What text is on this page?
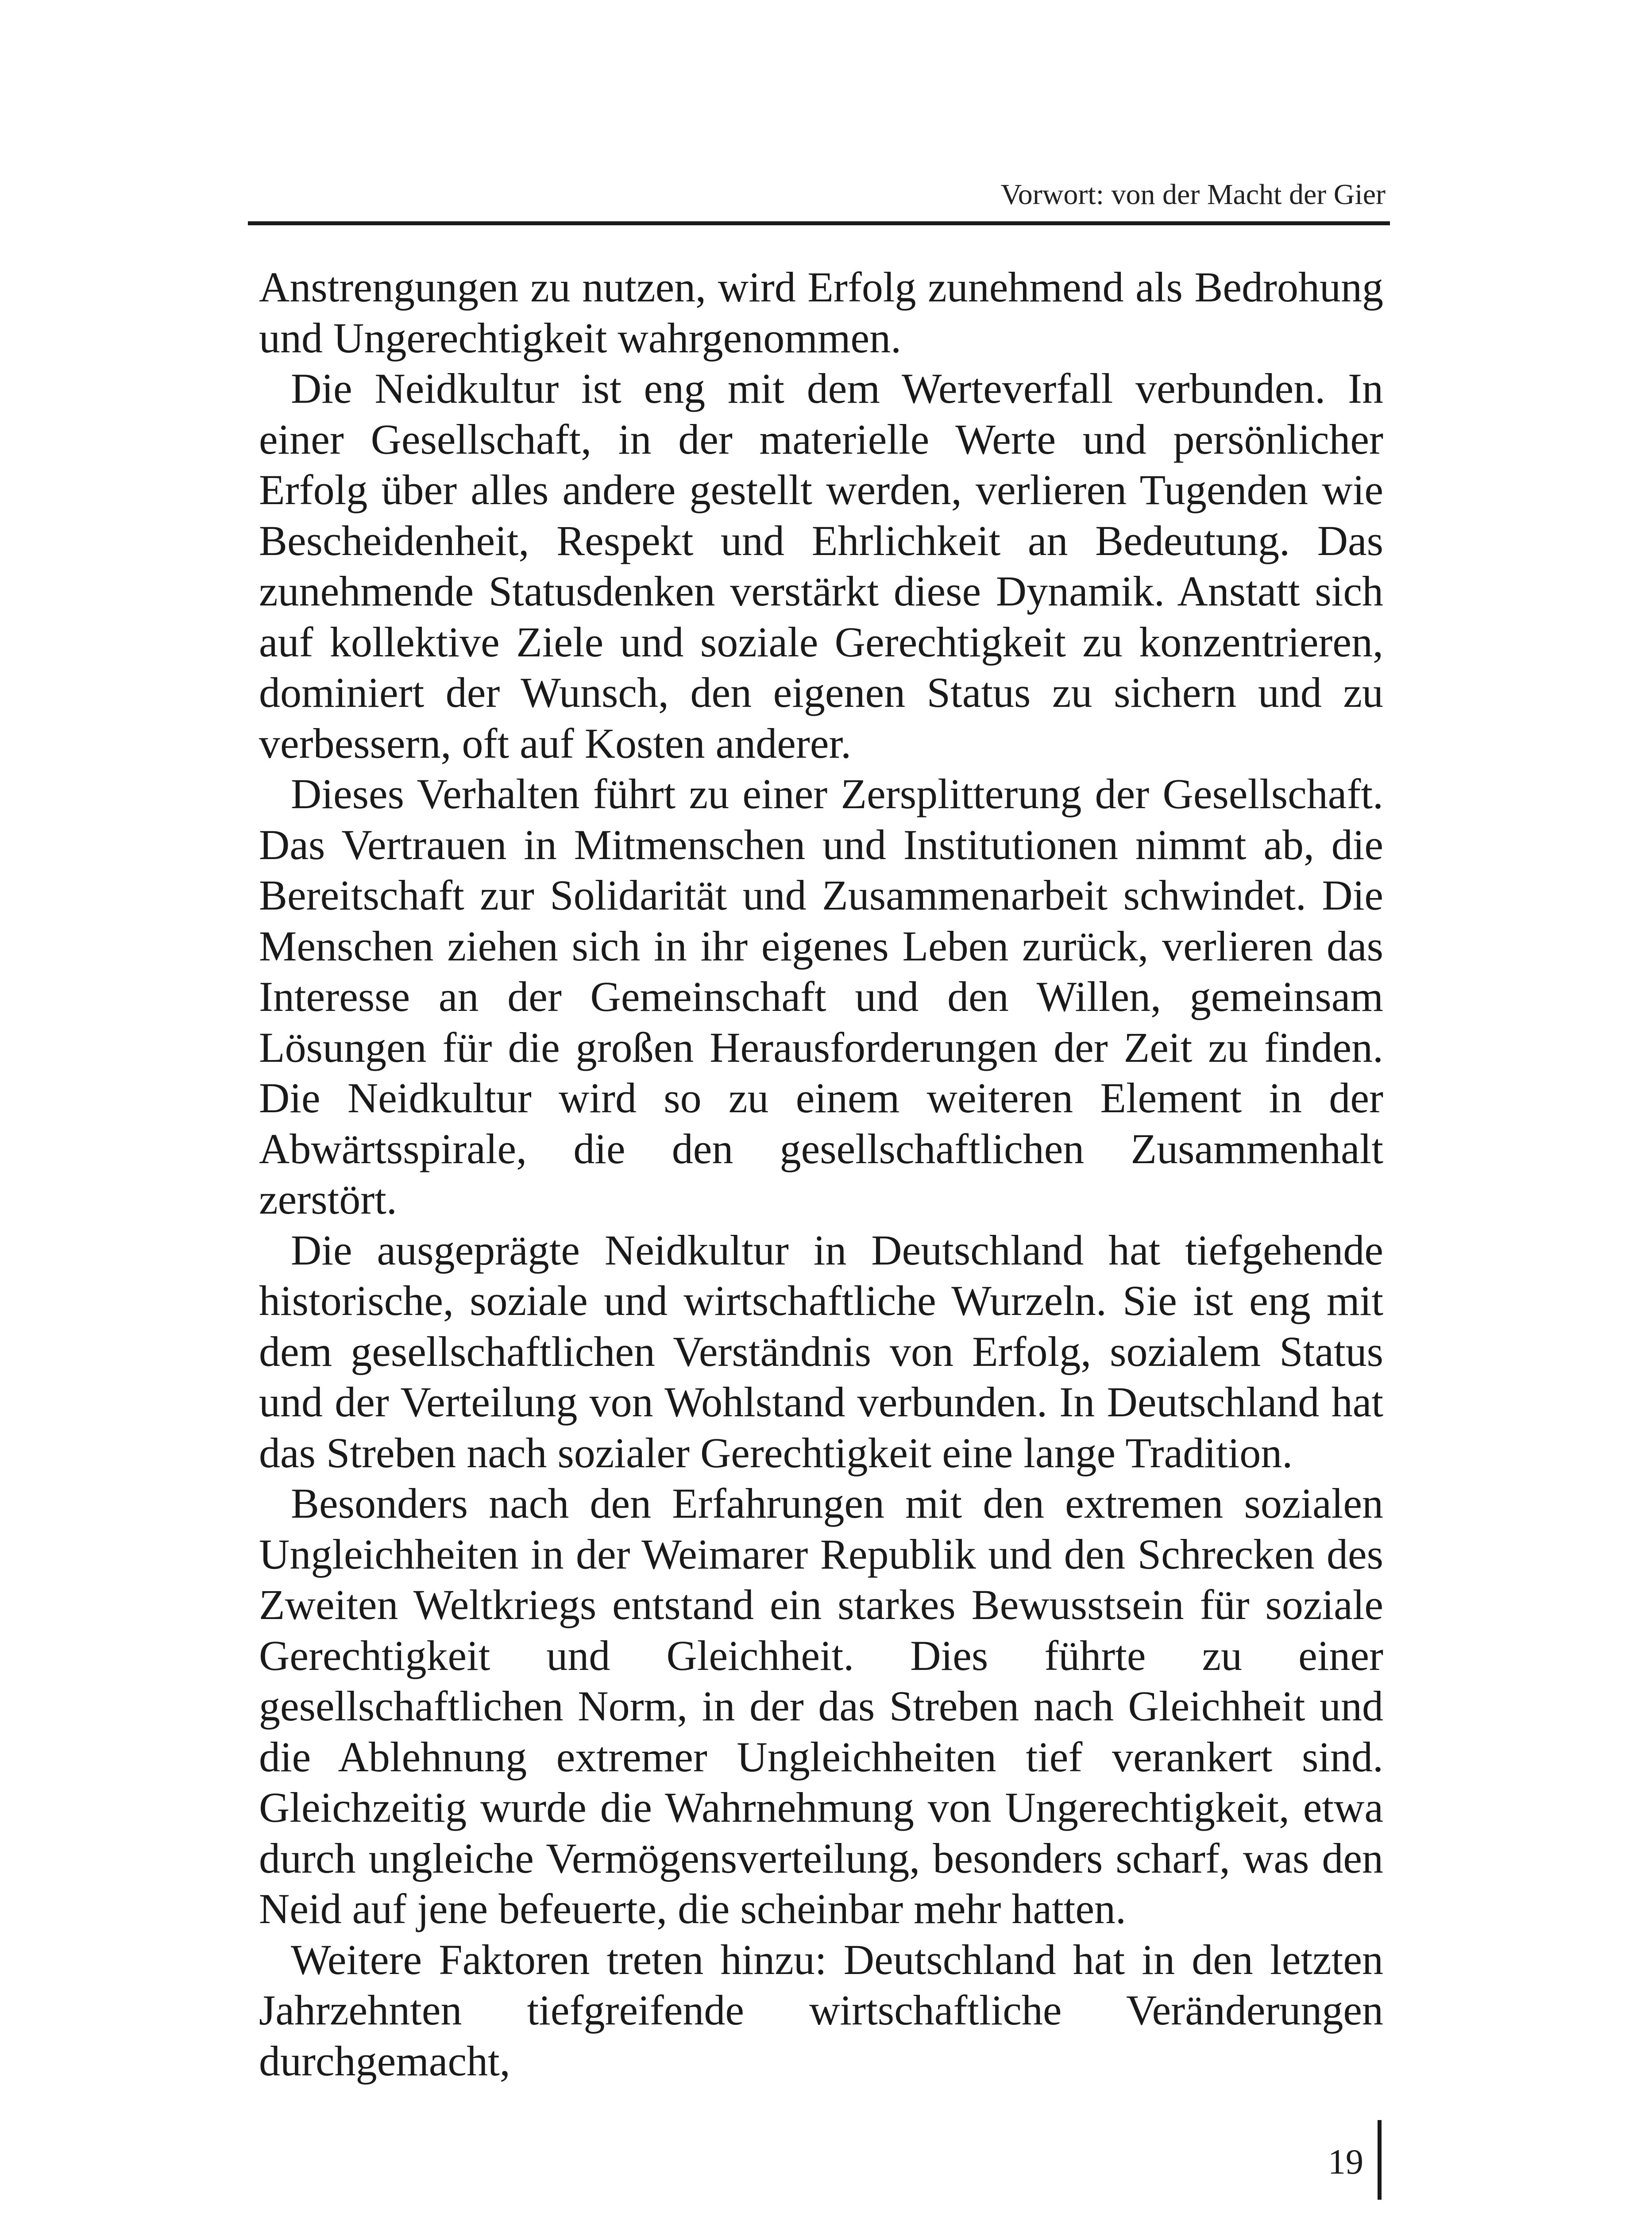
Vorwort: von der Macht der Gier

Anstrengungen zu nutzen, wird Erfolg zunehmend als Bedrohung und Ungerechtigkeit wahrgenommen.

Die Neidkultur ist eng mit dem Werteverfall verbunden. In einer Gesellschaft, in der materielle Werte und persönlicher Erfolg über alles andere gestellt werden, verlieren Tugenden wie Bescheidenheit, Respekt und Ehrlichkeit an Bedeutung. Das zunehmende Statusdenken verstärkt diese Dynamik. Anstatt sich auf kollektive Ziele und soziale Gerechtigkeit zu konzentrieren, dominiert der Wunsch, den eigenen Status zu sichern und zu verbessern, oft auf Kosten anderer.

Dieses Verhalten führt zu einer Zersplitterung der Gesellschaft. Das Vertrauen in Mitmenschen und Institutionen nimmt ab, die Bereitschaft zur Solidarität und Zusammenarbeit schwindet. Die Menschen ziehen sich in ihr eigenes Leben zurück, verlieren das Interesse an der Gemeinschaft und den Willen, gemeinsam Lösungen für die großen Herausforderungen der Zeit zu finden. Die Neidkultur wird so zu einem weiteren Element in der Abwärtsspirale, die den gesellschaftlichen Zusammenhalt zerstört.

Die ausgeprägte Neidkultur in Deutschland hat tiefgehende historische, soziale und wirtschaftliche Wurzeln. Sie ist eng mit dem gesellschaftlichen Verständnis von Erfolg, sozialem Status und der Verteilung von Wohlstand verbunden. In Deutschland hat das Streben nach sozialer Gerechtigkeit eine lange Tradition.

Besonders nach den Erfahrungen mit den extremen sozialen Ungleichheiten in der Weimarer Republik und den Schrecken des Zweiten Weltkriegs entstand ein starkes Bewusstsein für soziale Gerechtigkeit und Gleichheit. Dies führte zu einer gesellschaftlichen Norm, in der das Streben nach Gleichheit und die Ablehnung extremer Ungleichheiten tief verankert sind. Gleichzeitig wurde die Wahrnehmung von Ungerechtigkeit, etwa durch ungleiche Vermögensverteilung, besonders scharf, was den Neid auf jene befeuerte, die scheinbar mehr hatten.

Weitere Faktoren treten hinzu: Deutschland hat in den letzten Jahrzehnten tiefgreifende wirtschaftliche Veränderungen durchgemacht,

19
